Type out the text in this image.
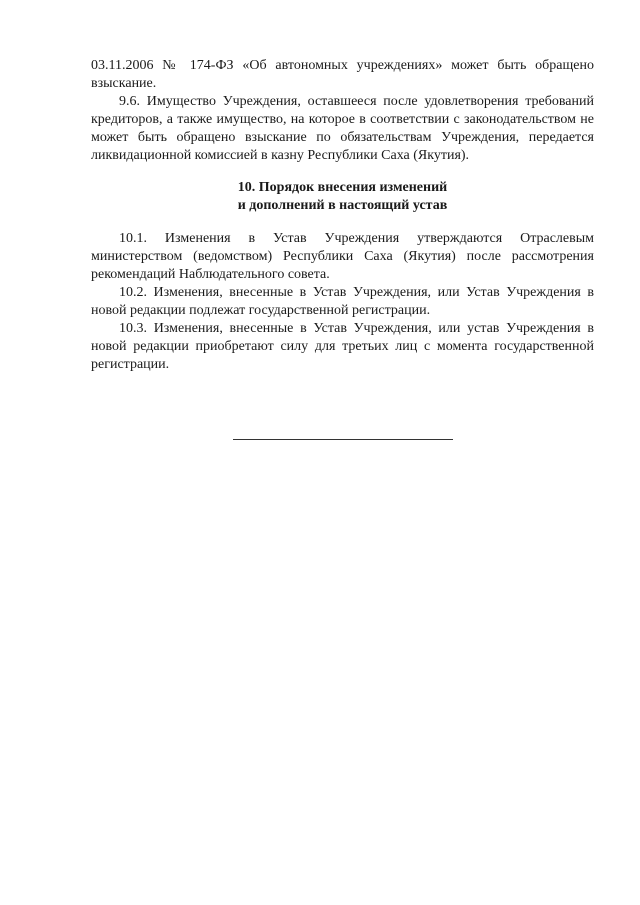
03.11.2006 № 174-ФЗ «Об автономных учреждениях» может быть обращено взыскание.

9.6. Имущество Учреждения, оставшееся после удовлетворения требований кредиторов, а также имущество, на которое в соответствии с законодательством не может быть обращено взыскание по обязательствам Учреждения, передается ликвидационной комиссией в казну Республики Саха (Якутия).

10. Порядок внесения изменений
и дополнений в настоящий устав

10.1. Изменения в Устав Учреждения утверждаются Отраслевым министерством (ведомством) Республики Саха (Якутия) после рассмотрения рекомендаций Наблюдательного совета.

10.2. Изменения, внесенные в Устав Учреждения, или Устав Учреждения в новой редакции подлежат государственной регистрации.

10.3. Изменения, внесенные в Устав Учреждения, или устав Учреждения в новой редакции приобретают силу для третьих лиц с момента государственной регистрации.
